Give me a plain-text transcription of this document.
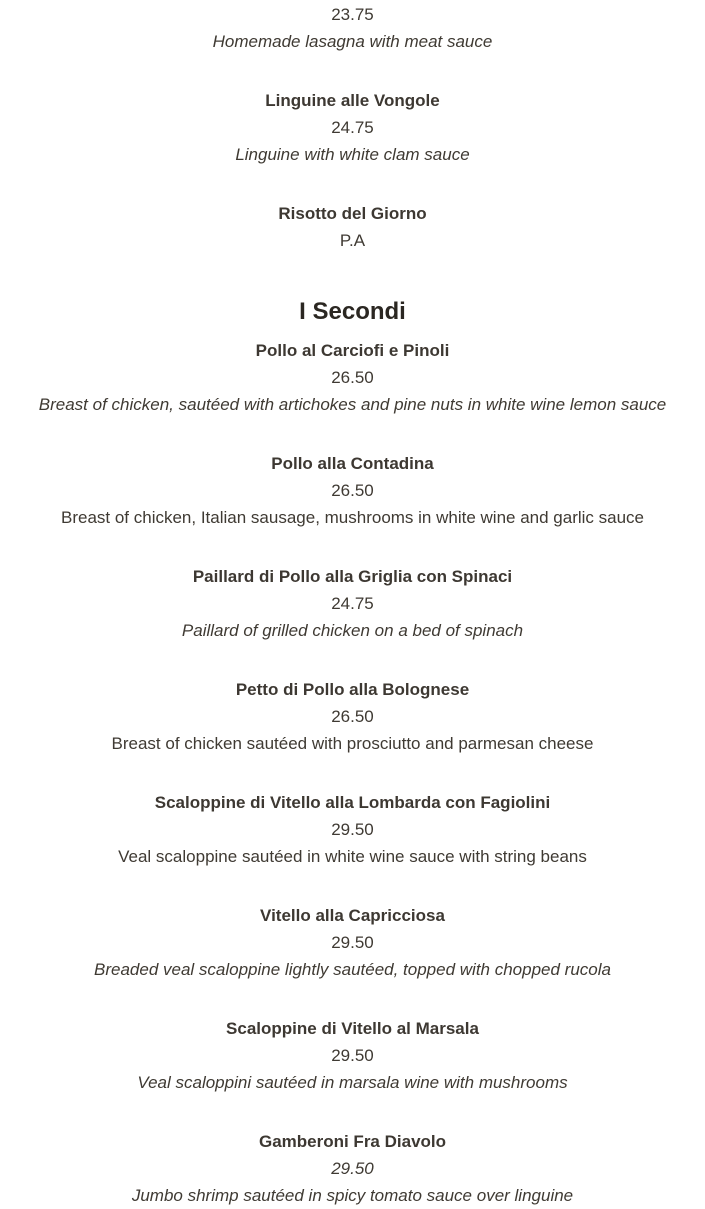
23.75

Homemade lasagna with meat sauce

Linguine alle Vongole

24.75

Linguine with white clam sauce

Risotto del Giorno

P.A

I Secondi

Pollo al Carciofi e Pinoli

26.50

Breast of chicken, sautéed with artichokes and pine nuts in white wine lemon sauce

Pollo alla Contadina

26.50

Breast of chicken, Italian sausage, mushrooms in white wine and garlic sauce

Paillard di Pollo alla Griglia con Spinaci

24.75

Paillard of grilled chicken on a bed of spinach

Petto di Pollo alla Bolognese

26.50

Breast of chicken sautéed with prosciutto and parmesan cheese

Scaloppine di Vitello alla Lombarda con Fagiolini

29.50

Veal scaloppine sautéed in white wine sauce with string beans

Vitello alla Capricciosa

29.50

Breaded veal scaloppine lightly sautéed, topped with chopped rucola

Scaloppine di Vitello al Marsala

29.50

Veal scaloppini sautéed in marsala wine with mushrooms

Gamberoni Fra Diavolo

29.50

Jumbo shrimp sautéed in spicy tomato sauce over linguine
